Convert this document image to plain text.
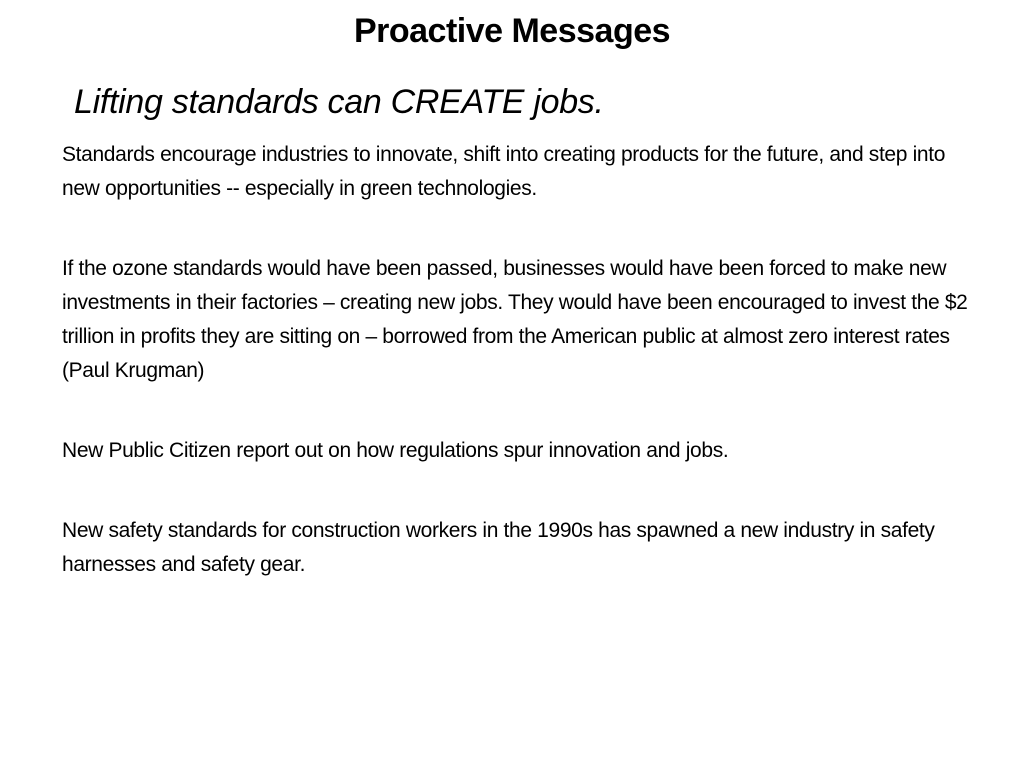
Proactive Messages
Lifting standards can CREATE jobs.

Standards encourage industries to innovate, shift into creating products for the future, and step into new opportunities -- especially in green technologies.

If the ozone standards would have been passed, businesses would have been forced to make new investments in their factories – creating new jobs. They would have been encouraged to invest the $2 trillion in profits they are sitting on – borrowed from the American public at almost zero interest rates (Paul Krugman)

New Public Citizen report out on how regulations spur innovation and jobs.

New safety standards for construction workers in the 1990s has spawned a new industry in safety harnesses and safety gear.
